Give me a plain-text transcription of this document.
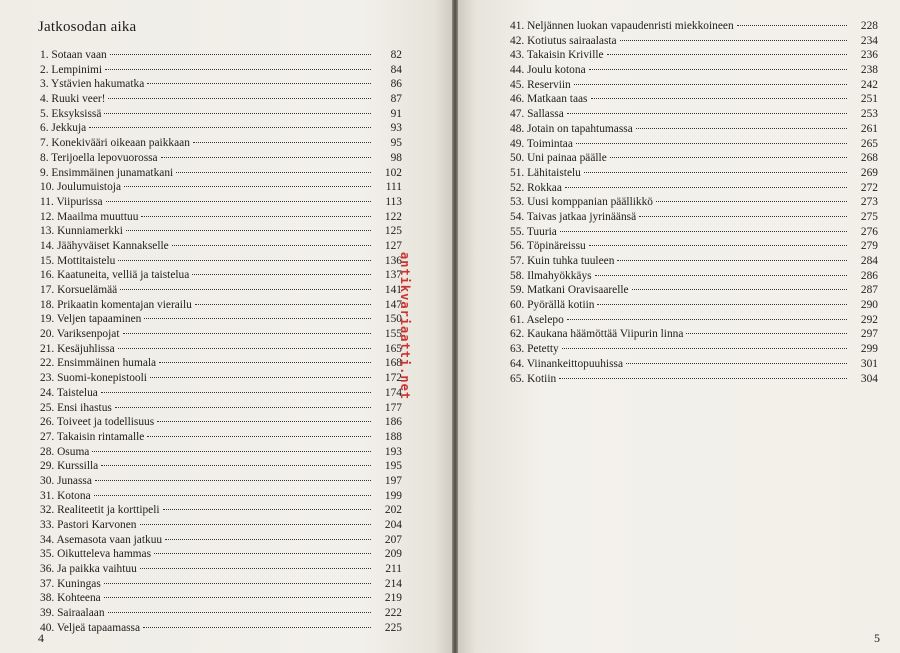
Jatkosodan aika
1. Sotaan vaan	82
2. Lempinimi	84
3. Ystävien hakumatka	86
4. Ruuki veer!	87
5. Eksyksissä	91
6. Jekkuja	93
7. Konekivääri oikeaan paikkaan	95
8. Terijoella lepovuorossa	98
9. Ensimmäinen junamatkani	102
10. Joulumuistoja	111
11. Viipurissa	113
12. Maailma muuttuu	122
13. Kunniamerkki	125
14. Jäähyväiset Kannakselle	127
15. Mottitaistelu	136
16. Kaatuneita, velliä ja taistelua	137
17. Korsuelämää	141
18. Prikaatin komentajan vierailu	147
19. Veljen tapaaminen	150
20. Variksenpojat	155
21. Kesäjuhlissa	165
22. Ensimmäinen humala	168
23. Suomi-konepistooli	172
24. Taistelua	174
25. Ensi ihastus	177
26. Toiveet ja todellisuus	186
27. Takaisin rintamalle	188
28. Osuma	193
29. Kurssilla	195
30. Junassa	197
31. Kotona	199
32. Realiteetit ja korttipeli	202
33. Pastori Karvonen	204
34. Asemasota vaan jatkuu	207
35. Oikutteleva hammas	209
36. Ja paikka vaihtuu	211
37. Kuningas	214
38. Kohteena	219
39. Sairaalaan	222
40. Veljeä tapaamassa	225
4
antikvariaatti.net
41. Neljännen luokan vapaudenristi miekkoineen	228
42. Kotiutus sairaalasta	234
43. Takaisin Kriville	236
44. Joulu kotona	238
45. Reserviin	242
46. Matkaan taas	251
47. Sallassa	253
48. Jotain on tapahtumassa	261
49. Toimintaa	265
50. Uni painaa päälle	268
51. Lähitaistelu	269
52. Rokkaa	272
53. Uusi komppanian päällikkö	273
54. Taivas jatkaa jyrinäänsä	275
55. Tuuria	276
56. Töpinäreissu	279
57. Kuin tuhka tuuleen	284
58. Ilmahyökkäys	286
59. Matkani Oravisaarelle	287
60. Pyörällä kotiin	290
61. Aselepo	292
62. Kaukana häämöttää Viipurin linna	297
63. Petetty	299
64. Viinankeittopuuhissa	301
65. Kotiin	304
5
